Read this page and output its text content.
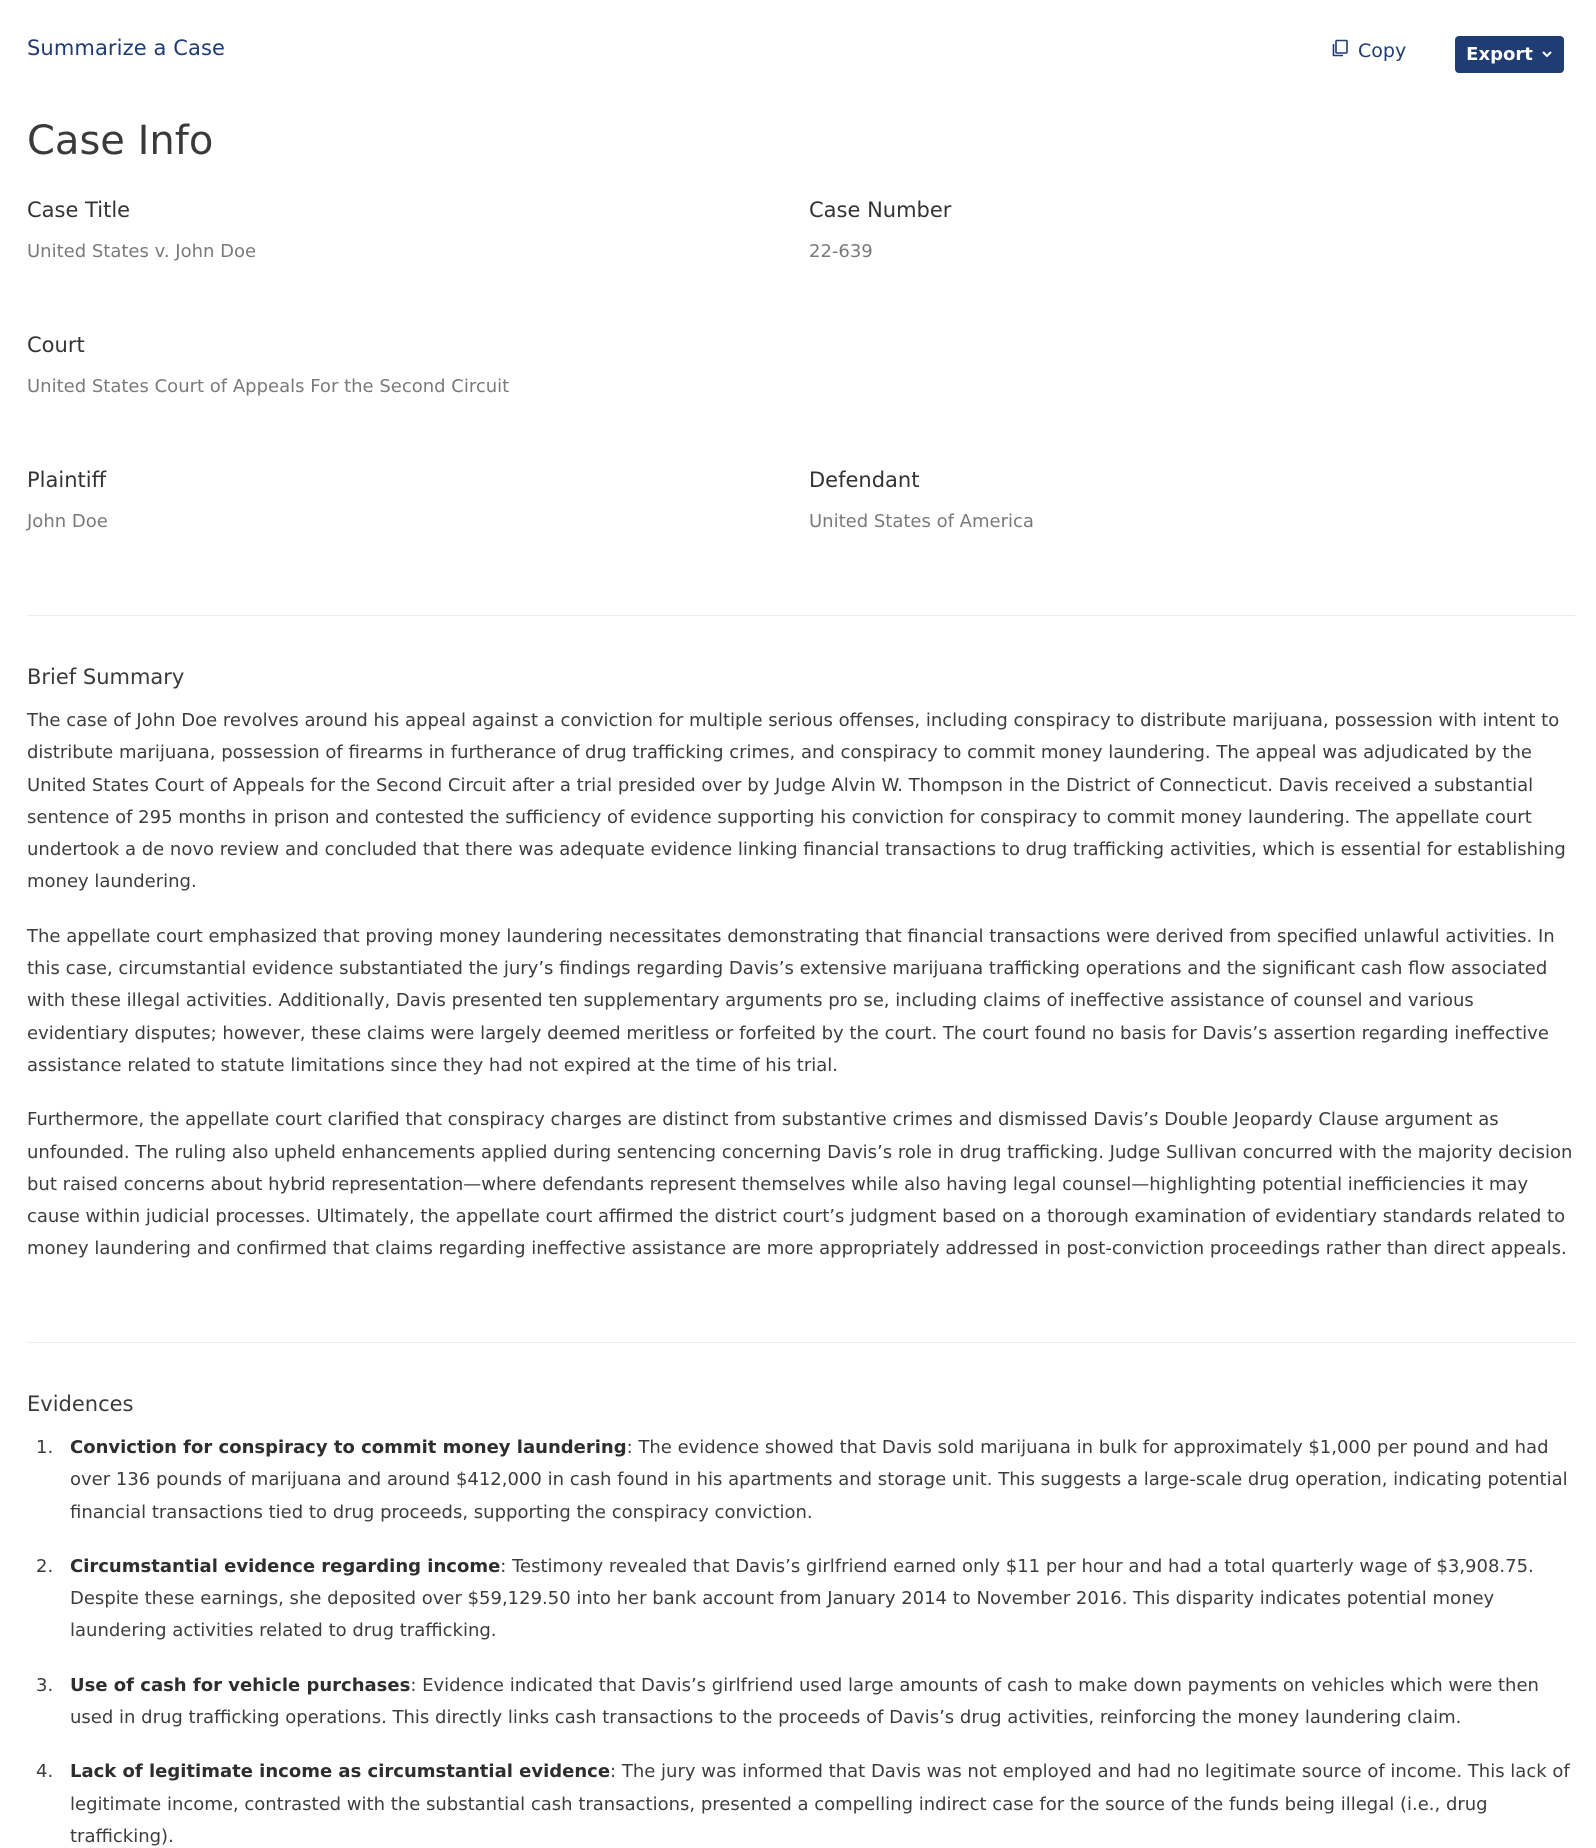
Summarize a Case	Copy	Export
Case Info
Case Title
United States v. John Doe
Case Number
22-639
Court
United States Court of Appeals For the Second Circuit
Plaintiff
John Doe
Defendant
United States of America
Brief Summary

The case of John Doe revolves around his appeal against a conviction for multiple serious offenses, including conspiracy to distribute marijuana, possession with intent to distribute marijuana, possession of firearms in furtherance of drug trafficking crimes, and conspiracy to commit money laundering. The appeal was adjudicated by the United States Court of Appeals for the Second Circuit after a trial presided over by Judge Alvin W. Thompson in the District of Connecticut. Davis received a substantial sentence of 295 months in prison and contested the sufficiency of evidence supporting his conviction for conspiracy to commit money laundering. The appellate court undertook a de novo review and concluded that there was adequate evidence linking financial transactions to drug trafficking activities, which is essential for establishing money laundering.

The appellate court emphasized that proving money laundering necessitates demonstrating that financial transactions were derived from specified unlawful activities. In this case, circumstantial evidence substantiated the jury’s findings regarding Davis’s extensive marijuana trafficking operations and the significant cash flow associated with these illegal activities. Additionally, Davis presented ten supplementary arguments pro se, including claims of ineffective assistance of counsel and various evidentiary disputes; however, these claims were largely deemed meritless or forfeited by the court. The court found no basis for Davis’s assertion regarding ineffective assistance related to statute limitations since they had not expired at the time of his trial.

Furthermore, the appellate court clarified that conspiracy charges are distinct from substantive crimes and dismissed Davis’s Double Jeopardy Clause argument as unfounded. The ruling also upheld enhancements applied during sentencing concerning Davis’s role in drug trafficking. Judge Sullivan concurred with the majority decision but raised concerns about hybrid representation—where defendants represent themselves while also having legal counsel—highlighting potential inefficiencies it may cause within judicial processes. Ultimately, the appellate court affirmed the district court’s judgment based on a thorough examination of evidentiary standards related to money laundering and confirmed that claims regarding ineffective assistance are more appropriately addressed in post-conviction proceedings rather than direct appeals.

Evidences
1. Conviction for conspiracy to commit money laundering: The evidence showed that Davis sold marijuana in bulk for approximately $1,000 per pound and had over 136 pounds of marijuana and around $412,000 in cash found in his apartments and storage unit. This suggests a large-scale drug operation, indicating potential financial transactions tied to drug proceeds, supporting the conspiracy conviction.
2. Circumstantial evidence regarding income: Testimony revealed that Davis’s girlfriend earned only $11 per hour and had a total quarterly wage of $3,908.75. Despite these earnings, she deposited over $59,129.50 into her bank account from January 2014 to November 2016. This disparity indicates potential money laundering activities related to drug trafficking.
3. Use of cash for vehicle purchases: Evidence indicated that Davis’s girlfriend used large amounts of cash to make down payments on vehicles which were then used in drug trafficking operations. This directly links cash transactions to the proceeds of Davis’s drug activities, reinforcing the money laundering claim.
4. Lack of legitimate income as circumstantial evidence: The jury was informed that Davis was not employed and had no legitimate source of income. This lack of legitimate income, contrasted with the substantial cash transactions, presented a compelling indirect case for the source of the funds being illegal (i.e., drug trafficking).
